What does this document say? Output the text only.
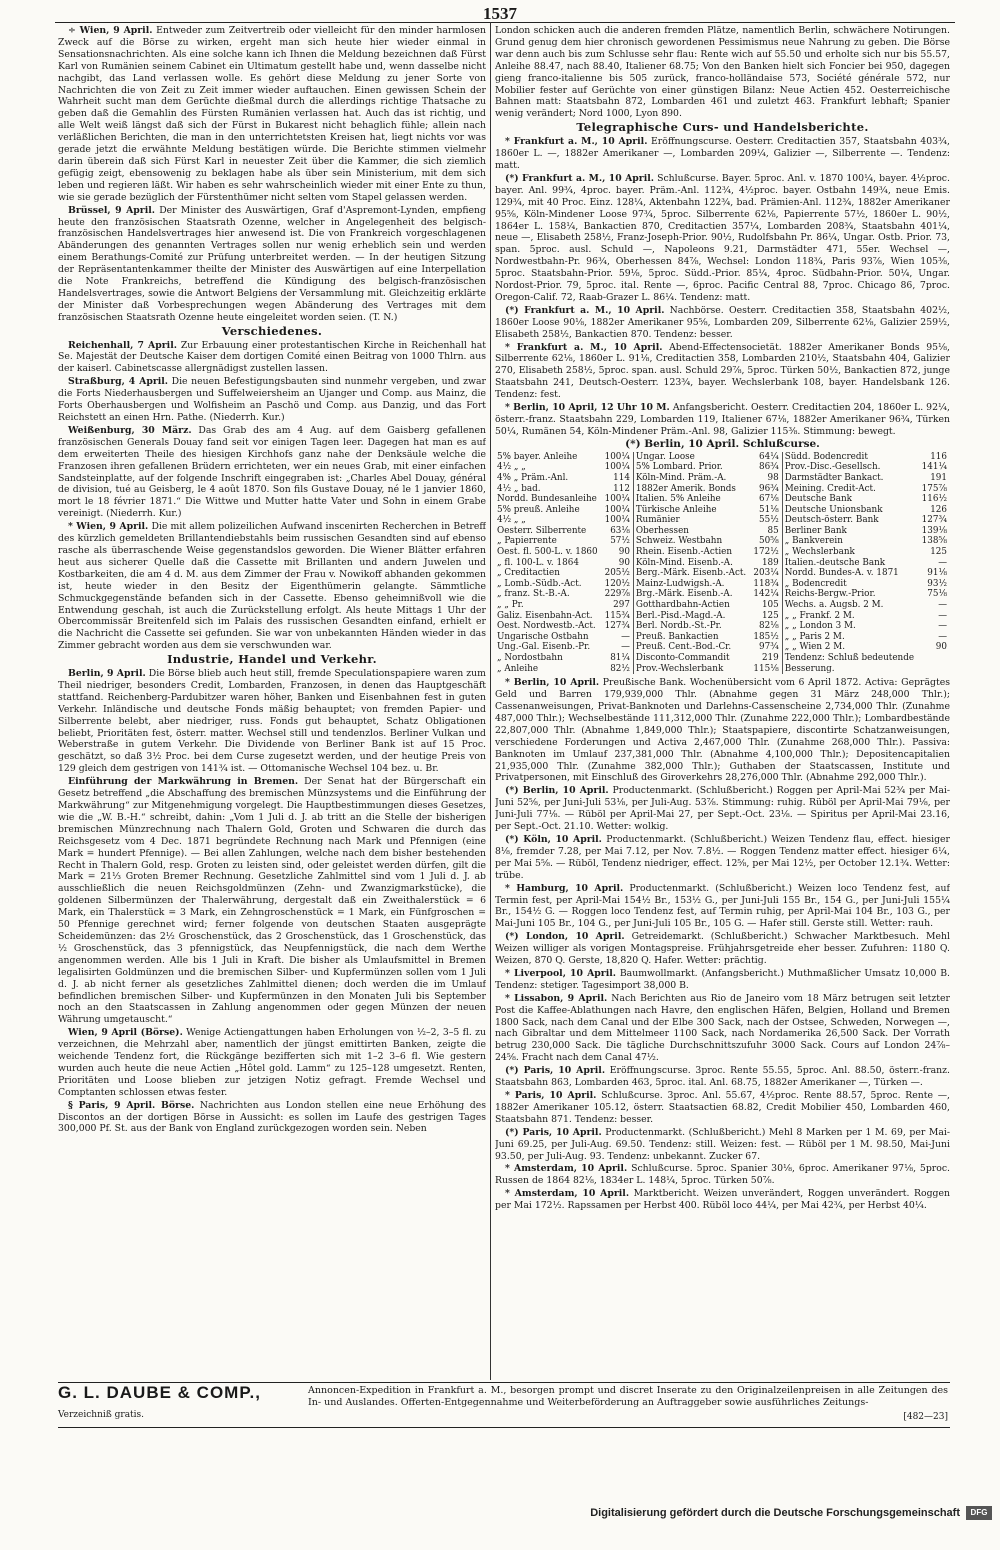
1537

÷ Wien, 9 April. Entweder zum Zeitvertreib oder vielleicht für den minder harmlosen Zweck auf die Börse zu wirken, ergeht man sich heute hier wieder einmal in Sensationsnachrichten. Als eine solche kann ich Ihnen die Meldung bezeichnen daß Fürst Karl von Rumänien seinem Cabinet ein Ultimatum gestellt habe und, wenn dasselbe nicht nachgibt, das Land verlassen wolle. Es gehört diese Meldung zu jener Sorte von Nachrichten die von Zeit zu Zeit immer wieder auftauchen. Einen gewissen Schein der Wahrheit sucht man dem Gerüchte dießmal durch die allerdings richtige Thatsache zu geben daß die Gemahlin des Fürsten Rumänien verlassen hat. Auch das ist richtig, und alle Welt weiß längst daß sich der Fürst in Bukarest nicht behaglich fühle; allein nach verläßlichen Berichten, die man in den unterrichtetsten Kreisen hat, liegt nichts vor was gerade jetzt die erwähnte Meldung bestätigen würde. Die Berichte stimmen vielmehr darin überein daß sich Fürst Karl in neuester Zeit über die Kammer, die sich ziemlich gefügig zeigt, ebensowenig zu beklagen habe als über sein Ministerium, mit dem sich leben und regieren läßt. Wir haben es sehr wahrscheinlich wieder mit einer Ente zu thun, wie sie gerade bezüglich der Fürstenthümer nicht selten vom Stapel gelassen werden.

Brüssel, 9 April. Der Minister des Auswärtigen, Graf d'Aspremont-Lynden, empfieng heute den französischen Staatsrath Ozenne, welcher in Angelegenheit des belgisch-französischen Handelsvertrages hier anwesend ist. Die von Frankreich vorgeschlagenen Abänderungen des genannten Vertrages sollen nur wenig erheblich sein und werden einem Berathungs-Comité zur Prüfung unterbreitet werden. — In der heutigen Sitzung der Repräsentantenkammer theilte der Minister des Auswärtigen auf eine Interpellation die Note Frankreichs, betreffend die Kündigung des belgisch-französischen Handelsvertrages, sowie die Antwort Belgiens der Versammlung mit. Gleichzeitig erklärte der Minister daß Vorbesprechungen wegen Abänderung des Vertrages mit dem französischen Staatsrath Ozenne heute eingeleitet worden seien. (T. N.)

Verschiedenes.

Reichenhall, 7 April. Zur Erbauung einer protestantischen Kirche in Reichenhall hat Se. Majestät der Deutsche Kaiser dem dortigen Comité einen Beitrag von 1000 Thlrn. aus der kaiserl. Cabinetscasse allergnädigst zustellen lassen.

Straßburg, 4 April. Die neuen Befestigungsbauten sind nunmehr vergeben, und zwar die Forts Niederhausbergen und Suffelweiersheim an Ujanger und Comp. aus Mainz, die Forts Oberhausbergen und Wolfisheim an Paschö und Comp. aus Danzig, und das Fort Reichstett an einen Hrn. Pathe. (Niederrh. Kur.)

Weißenburg, 30 März. Das Grab des am 4 Aug. auf dem Gaisberg gefallenen französischen Generals Douay fand seit vor einigen Tagen leer. Dagegen hat man es auf dem erweiterten Theile des hiesigen Kirchhofs ganz nahe der Denksäule welche die Franzosen ihren gefallenen Brüdern errichteten, wer ein neues Grab, mit einer einfachen Sandsteinplatte, auf der folgende Inschrift eingegraben ist: „Charles Abel Douay, général de division, tué au Geisberg, le 4 août 1870. Son fils Gustave Douay, né le 1 janvier 1860, mort le 18 février 1871.“ Die Wittwe und Mutter hatte Vater und Sohn in einem Grabe vereinigt. (Niederrh. Kur.)

* Wien, 9 April. Die mit allem polizeilichen Aufwand inscenirten Recherchen in Betreff des kürzlich gemeldeten Brillantendiebstahls beim russischen Gesandten sind auf ebenso rasche als überraschende Weise gegenstandslos geworden. Die Wiener Blätter erfahren heut aus sicherer Quelle daß die Cassette mit Brillanten und andern Juwelen und Kostbarkeiten, die am 4 d. M. aus dem Zimmer der Frau v. Nowikoff abhanden gekommen ist, heute wieder in den Besitz der Eigenthümerin gelangte. Sämmtliche Schmuckgegenstände befanden sich in der Cassette. Ebenso geheimnißvoll wie die Entwendung geschah, ist auch die Zurückstellung erfolgt. Als heute Mittags 1 Uhr der Obercommissär Breitenfeld sich im Palais des russischen Gesandten einfand, erhielt er die Nachricht die Cassette sei gefunden. Sie war von unbekannten Händen wieder in das Zimmer gebracht worden aus dem sie verschwunden war.

Industrie, Handel und Verkehr.

Berlin, 9 April. Die Börse blieb auch heut still, fremde Speculationspapiere waren zum Theil niedriger, besonders Credit, Lombarden, Franzosen, in denen das Hauptgeschäft stattfand. Reichenberg-Pardubitzer waren höher, Banken und Eisenbahnen fest in guten Verkehr. Inländische und deutsche Fonds mäßig behauptet; von fremden Papier- und Silberrente belebt, aber niedriger, russ. Fonds gut behauptet, Schatz Obligationen beliebt, Prioritäten fest, österr. matter. Wechsel still und tendenzlos. Berliner Vulkan und Weberstraße in gutem Verkehr. Die Dividende von Berliner Bank ist auf 15 Proc. geschätzt, so daß 3½ Proc. bei dem Curse zugesetzt werden, und der heutige Preis von 129 gleich dem gestrigen von 141¾ ist. — Ottomanische Wechsel 104 bez. u. Br.

Einführung der Markwährung in Bremen. Der Senat hat der Bürgerschaft ein Gesetz betreffend „die Abschaffung des bremischen Münzsystems und die Einführung der Markwährung“ zur Mitgenehmigung vorgelegt. Die Hauptbestimmungen dieses Gesetzes, wie die „W. B.-H.“ schreibt, dahin: „Vom 1 Juli d. J. ab tritt an die Stelle der bisherigen bremischen Münzrechnung nach Thalern Gold, Groten und Schwaren die durch das Reichsgesetz vom 4 Dec. 1871 begründete Rechnung nach Mark und Pfennigen (eine Mark = hundert Pfennige). — Bei allen Zahlungen, welche nach dem bisher bestehenden Recht in Thalern Gold, resp. Groten zu leisten sind, oder geleistet werden dürfen, gilt die Mark = 21⅓ Groten Bremer Rechnung. Gesetzliche Zahlmittel sind vom 1 Juli d. J. ab ausschließlich die neuen Reichsgoldmünzen (Zehn- und Zwanzigmarkstücke), die goldenen Silbermünzen der Thalerwährung, dergestalt daß ein Zweithalerstück = 6 Mark, ein Thalerstück = 3 Mark, ein Zehngroschenstück = 1 Mark, ein Fünfgroschen = 50 Pfennige gerechnet wird; ferner folgende von deutschen Staaten ausgeprägte Scheidemünzen: das 2½ Groschenstück, das 2 Groschenstück, das 1 Groschenstück, das ½ Groschenstück, das 3 pfennigstück, das Neupfennigstück, die nach dem Werthe angenommen werden. Alle bis 1 Juli in Kraft. Die bisher als Umlaufsmittel in Bremen legalisirten Goldmünzen und die bremischen Silber- und Kupfermünzen sollen vom 1 Juli d. J. ab nicht ferner als gesetzliches Zahlmittel dienen; doch werden die im Umlauf befindlichen bremischen Silber- und Kupfermünzen in den Monaten Juli bis September noch an den Staatscassen in Zahlung angenommen oder gegen Münzen der neuen Währung umgetauscht.“

Wien, 9 April (Börse). Wenige Actiengattungen haben Erholungen von ½–2, 3–5 fl. zu verzeichnen, die Mehrzahl aber, namentlich der jüngst emittirten Banken, zeigte die weichende Tendenz fort, die Rückgänge bezifferten sich mit 1–2 3–6 fl. Wie gestern wurden auch heute die neue Actien „Hôtel gold. Lamm“ zu 125–128 umgesetzt. Renten, Prioritäten und Loose blieben zur jetzigen Notiz gefragt. Fremde Wechsel und Comptanten schlossen etwas fester.

§ Paris, 9 April. Börse. Nachrichten aus London stellen eine neue Erhöhung des Discontos an der dortigen Börse in Aussicht: es sollen im Laufe des gestrigen Tages 300,000 Pf. St. aus der Bank von England zurückgezogen worden sein. Neben

London schicken auch die anderen fremden Plätze, namentlich Berlin, schwächere Notirungen. Grund genug dem hier chronisch gewordenen Pessimismus neue Nahrung zu geben. Die Börse war denn auch bis zum Schlusse sehr flau: Rente wich auf 55.50 und erholte sich nur bis 55.57, Anleihe 88.47, nach 88.40, Italiener 68.75; Von den Banken hielt sich Foncier bei 950, dagegen gieng franco-italienne bis 505 zurück, franco-holländaise 573, Société générale 572, nur Mobilier fester auf Gerüchte von einer günstigen Bilanz: Neue Actien 452. Oesterreichische Bahnen matt: Staatsbahn 872, Lombarden 461 und zuletzt 463. Frankfurt lebhaft; Spanier wenig verändert; Nord 1000, Lyon 890.

Telegraphische Curs- und Handelsberichte.

* Frankfurt a. M., 10 April. Eröffnungscurse. Oesterr. Creditactien 357, Staatsbahn 403¾, 1860er L. —, 1882er Amerikaner —, Lombarden 209¼, Galizier —, Silberrente —. Tendenz: matt.

(*) Frankfurt a. M., 10 April. Schlußcurse. Bayer. 5proc. Anl. v. 1870 100¼, bayer. 4½proc. bayer. Anl. 99¾, 4proc. bayer. Präm.-Anl. 112¾, 4½proc. bayer. Ostbahn 149¾, neue Emis. 129¾, mit 40 Proc. Einz. 128¼, Aktenbahn 122¾, bad. Prämien-Anl. 112¾, 1882er Amerikaner 95⅝, Köln-Mindener Loose 97¾, 5proc. Silberrente 62⅛, Papierrente 57½, 1860er L. 90½, 1864er L. 158¼, Bankactien 870, Creditactien 357¼, Lombarden 208¾, Staatsbahn 401¼, neue —, Elisabeth 258½, Franz-Joseph-Prior. 90½, Rudolfsbahn Pr. 86¼, Ungar. Ostb. Prior. 73, span. 5proc. ausl. Schuld —, Napoleons 9.21, Darmstädter 471, 55er. Wechsel —, Nordwestbahn-Pr. 96¾, Oberhessen 84⅞, Wechsel: London 118¾, Paris 93⅞, Wien 105⅜, 5proc. Staatsbahn-Prior. 59⅛, 5proc. Südd.-Prior. 85¼, 4proc. Südbahn-Prior. 50¼, Ungar. Nordost-Prior. 79, 5proc. ital. Rente —, 6proc. Pacific Central 88, 7proc. Chicago 86, 7proc. Oregon-Calif. 72, Raab-Grazer L. 86¼. Tendenz: matt.

(*) Frankfurt a. M., 10 April. Nachbörse. Oesterr. Creditactien 358, Staatsbahn 402½, 1860er Loose 90⅛, 1882er Amerikaner 95⅝, Lombarden 209, Silberrente 62⅛, Galizier 259½, Elisabeth 258½, Bankactien 870. Tendenz: besser.

* Frankfurt a. M., 10 April. Abend-Effectensocietät. 1882er Amerikaner Bonds 95⅛, Silberrente 62⅛, 1860er L. 91⅛, Creditactien 358, Lombarden 210½, Staatsbahn 404, Galizier 270, Elisabeth 258½, 5proc. span. ausl. Schuld 29⅞, 5proc. Türken 50½, Bankactien 872, junge Staatsbahn 241, Deutsch-Oesterr. 123¾, bayer. Wechslerbank 108, bayer. Handelsbank 126. Tendenz: fest.

* Berlin, 10 April, 12 Uhr 10 M. Anfangsbericht. Oesterr. Creditactien 204, 1860er L. 92¼, österr.-franz. Staatsbahn 229, Lombarden 119, Italiener 67⅛, 1882er Amerikaner 96¾, Türken 50¼, Rumänen 54, Köln-Mindener Präm.-Anl. 98, Galizier 115⅜. Stimmung: bewegt.

(*) Berlin, 10 April. Schlußcurse.
5% bayer. Anleihe	100¼	Ungar. Loose	64¼	Südd. Bodencredit	116
4½ „ „	100¼	5% Lombard. Prior.	86¾	Prov.-Disc.-Gesellsch.	141¼
4% „ Präm.-Anl.	114	Köln-Mind. Präm.-A.	98	Darmstädter Bankact.	191
4½ „ bad.	112	1882er Amerik. Bonds	96¾	Meining. Credit-Act.	175⅞
Nordd. Bundesanleihe	100¼	Italien. 5% Anleihe	67⅛	Deutsche Bank	116½
5% preuß. Anleihe	100¼	Türkische Anleihe	51⅛	Deutsche Unionsbank	126
4½ „ „	100¼	Rumänier	55½	Deutsch-österr. Bank	127¾
Oesterr. Silberrente	63⅛	Oberhessen	85	Berliner Bank	139⅛
„ Papierrente	57½	Schweiz. Westbahn	50⅝	„ Bankverein	138⅝
Oest. fl. 500-L. v. 1860	90	Rhein. Eisenb.-Actien	172½	„ Wechslerbank	125
„ fl. 100-L. v. 1864	90	Köln-Mind. Eisenb.-A.	189	Italien.-deutsche Bank	—
„ Creditactien	205½	Berg.-Märk. Eisenb.-Act.	203¼	Nordd. Bundes-A. v. 1871	91⅛
„ Lomb.-Südb.-Act.	120½	Mainz-Ludwigsh.-A.	118¾	„ Bodencredit	93½
„ franz. St.-B.-A.	229⅞	Brg.-Märk. Eisenb.-A.	142¼	Reichs-Bergw.-Prior.	75⅛
„ „ Pr.	297	Gotthardbahn-Actien	105	Wechs. a. Augsb. 2 M.	—
Galiz. Eisenbahn-Act.	115¾	Berl.-Pisd.-Magd.-A.	125	„ „ Frankf. 2 M.	—
Oest. Nordwestb.-Act.	127¾	Berl. Nordb.-St.-Pr.	82⅛	„ „ London 3 M.	—
Ungarische Ostbahn	—	Preuß. Bankactien	185½	„ „ Paris 2 M.	—
Ung.-Gal. Eisenb.-Pr.	—	Preuß. Cent.-Bod.-Cr.	97¾	„ „ Wien 2 M.	90
„ Nordostbahn	81¼	Disconto-Commandit	219	Tendenz: Schluß bedeutende	
„ Anleihe	82½	Prov.-Wechslerbank	115⅛	Besserung.	

* Berlin, 10 April. Preußische Bank. Wochenübersicht vom 6 April 1872. Activa: Geprägtes Geld und Barren 179,939,000 Thlr. (Abnahme gegen 31 März 248,000 Thlr.); Cassenanweisungen, Privat-Banknoten und Darlehns-Cassenscheine 2,734,000 Thlr. (Zunahme 487,000 Thlr.); Wechselbestände 111,312,000 Thlr. (Zunahme 222,000 Thlr.); Lombardbestände 22,807,000 Thlr. (Abnahme 1,849,000 Thlr.); Staatspapiere, discontirte Schatzanweisungen, verschiedene Forderungen und Activa 2,467,000 Thlr. (Zunahme 268,000 Thlr.). Passiva: Banknoten im Umlauf 237,381,000 Thlr. (Abnahme 4,100,000 Thlr.); Depositencapitalien 21,935,000 Thlr. (Zunahme 382,000 Thlr.); Guthaben der Staatscassen, Institute und Privatpersonen, mit Einschluß des Giroverkehrs 28,276,000 Thlr. (Abnahme 292,000 Thlr.).

(*) Berlin, 10 April. Productenmarkt. (Schlußbericht.) Roggen per April-Mai 52¾ per Mai-Juni 52⅝, per Juni-Juli 53⅛, per Juli-Aug. 53⅞. Stimmung: ruhig. Rüböl per April-Mai 79⅛, per Juni-Juli 77⅛. — Rüböl per April-Mai 27, per Sept.-Oct. 23⅛. — Spiritus per April-Mai 23.16, per Sept.-Oct. 21.10. Wetter: wolkig.

(*) Köln, 10 April. Productenmarkt. (Schlußbericht.) Weizen Tendenz flau, effect. hiesiger 8⅛, fremder 7.28, per Mai 7.12, per Nov. 7.8½. — Roggen Tendenz matter effect. hiesiger 6¼, per Mai 5⅝. — Rüböl, Tendenz niedriger, effect. 12⅝, per Mai 12½, per October 12.1¾. Wetter: trübe.

* Hamburg, 10 April. Productenmarkt. (Schlußbericht.) Weizen loco Tendenz fest, auf Termin fest, per April-Mai 154½ Br., 153½ G., per Juni-Juli 155 Br., 154 G., per Juni-Juli 155¼ Br., 154½ G. — Roggen loco Tendenz fest, auf Termin ruhig, per April-Mai 104 Br., 103 G., per Mai-Juni 105 Br., 104 G., per Juni-Juli 105 Br., 105 G. — Hafer still. Gerste still. Wetter: rauh.

(*) London, 10 April. Getreidemarkt. (Schlußbericht.) Schwacher Marktbesuch. Mehl Weizen williger als vorigen Montagspreise. Frühjahrsgetreide eher besser. Zufuhren: 1180 Q. Weizen, 870 Q. Gerste, 18,820 Q. Hafer. Wetter: prächtig.

* Liverpool, 10 April. Baumwollmarkt. (Anfangsbericht.) Muthmaßlicher Umsatz 10,000 B. Tendenz: stetiger. Tagesimport 38,000 B.

* Lissabon, 9 April. Nach Berichten aus Rio de Janeiro vom 18 März betrugen seit letzter Post die Kaffee-Ablathungen nach Havre, den englischen Häfen, Belgien, Holland und Bremen 1800 Sack, nach dem Canal und der Elbe 300 Sack, nach der Ostsee, Schweden, Norwegen —, nach Gibraltar und dem Mittelmeer 1100 Sack, nach Nordamerika 26,500 Sack. Der Vorrath betrug 230,000 Sack. Die tägliche Durchschnittszufuhr 3000 Sack. Cours auf London 24⅞–24⅝. Fracht nach dem Canal 47½.

(*) Paris, 10 April. Eröffnungscurse. 3proc. Rente 55.55, 5proc. Anl. 88.50, österr.-franz. Staatsbahn 863, Lombarden 463, 5proc. ital. Anl. 68.75, 1882er Amerikaner —, Türken —.

* Paris, 10 April. Schlußcurse. 3proc. Anl. 55.67, 4½proc. Rente 88.57, 5proc. Rente —, 1882er Amerikaner 105.12, österr. Staatsactien 68.82, Credit Mobilier 450, Lombarden 460, Staatsbahn 871. Tendenz: besser.

(*) Paris, 10 April. Productenmarkt. (Schlußbericht.) Mehl 8 Marken per 1 M. 69, per Mai-Juni 69.25, per Juli-Aug. 69.50. Tendenz: still. Weizen: fest. — Rüböl per 1 M. 98.50, Mai-Juni 93.50, per Juli-Aug. 93. Tendenz: unbekannt. Zucker 67.

* Amsterdam, 10 April. Schlußcurse. 5proc. Spanier 30⅛, 6proc. Amerikaner 97⅛, 5proc. Russen de 1864 82⅛, 1834er L. 148¼, 5proc. Türken 50⅞.

* Amsterdam, 10 April. Marktbericht. Weizen unverändert, Roggen unverändert. Roggen per Mai 172½. Rapssamen per Herbst 400. Rüböl loco 44¼, per Mai 42¾, per Herbst 40¼.

G. L. DAUBE & COMP.,	Annoncen-Expedition in Frankfurt a. M., besorgen prompt und discret Inserate zu den Originalzeilenpreisen in alle Zeitungen des In- und Auslandes. Offerten-Entgegennahme und Weiterbeförderung an Auftraggeber sowie ausführliches Zeitungs-
Verzeichniß gratis.	[482—23]
Digitalisierung gefördert durch die Deutsche Forschungsgemeinschaft	DFG
